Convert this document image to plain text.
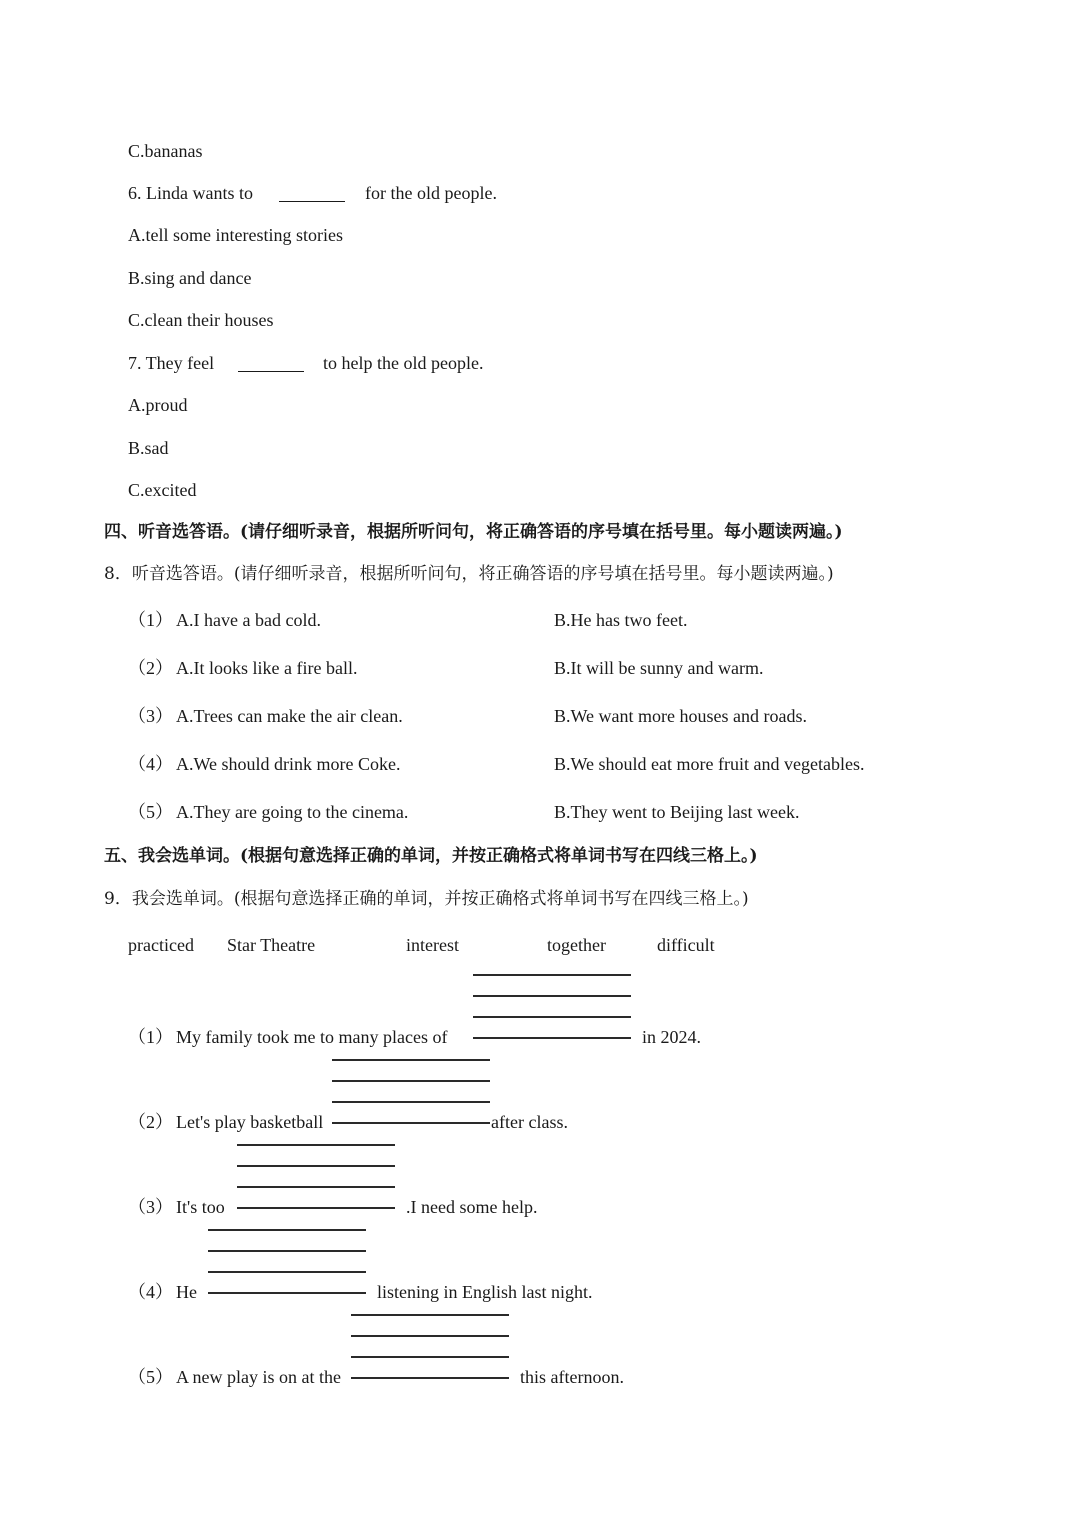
C.bananas
6. Linda wants to	for the old people.
A.tell some interesting stories
B.sing and dance
C.clean their houses
7. They feel	to help the old people.
A.proud
B.sad
C.excited
四、听音选答语。(请仔细听录音，根据所听问句，将正确答语的序号填在括号里。每小题读两遍。)
8．听音选答语。(请仔细听录音，根据所听问句，将正确答语的序号填在括号里。每小题读两遍。)
（1） A.I have a bad cold.	B.He has two feet.
（2） A.It looks like a fire ball.	B.It will be sunny and warm.
（3） A.Trees can make the air clean.	B.We want more houses and roads.
（4） A.We should drink more Coke.	B.We should eat more fruit and vegetables.
（5） A.They are going to the cinema.	B.They went to Beijing last week.
五、我会选单词。(根据句意选择正确的单词，并按正确格式将单词书写在四线三格上。)
9．我会选单词。(根据句意选择正确的单词，并按正确格式将单词书写在四线三格上。)
practiced Star Theatre	interest	together	difficult
（1） My family took me to many places of	in 2024.
（2） Let's play basketball	after class.
（3） It's too	.I need some help.
（4） He	listening in English last night.
（5） A new play is on at the	this afternoon.
